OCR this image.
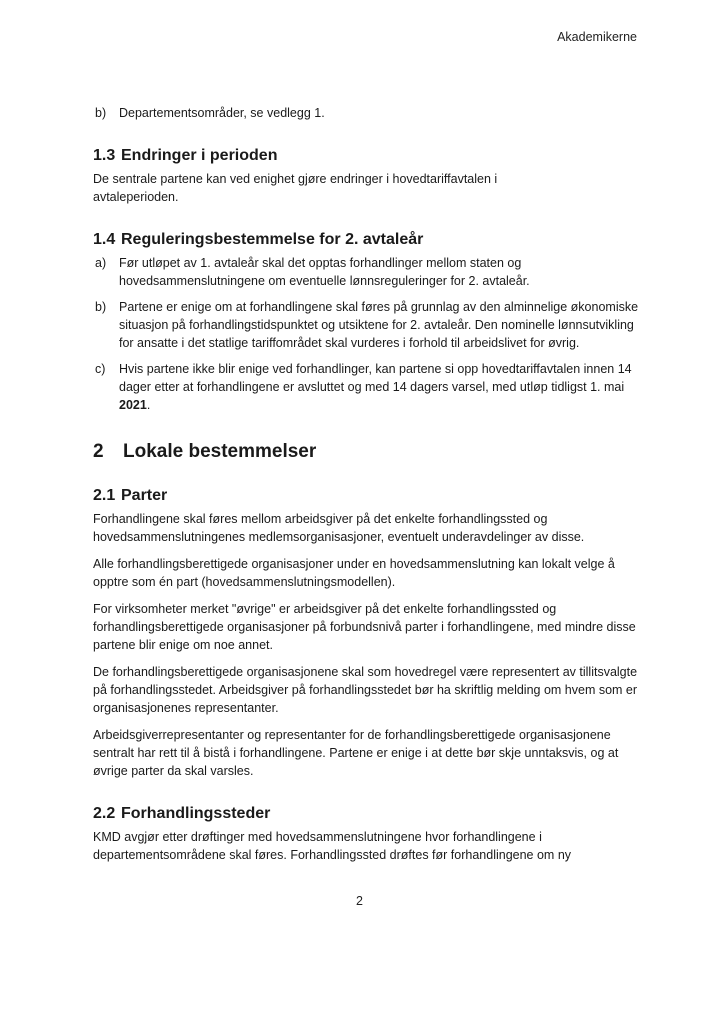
Akademikerne
b) Departementsområder, se vedlegg 1.
1.3 Endringer i perioden

De sentrale partene kan ved enighet gjøre endringer i hovedtariffavtalen i avtaleperioden.

1.4 Reguleringsbestemmelse for 2. avtaleår
a) Før utløpet av 1. avtaleår skal det opptas forhandlinger mellom staten og hovedsammenslutningene om eventuelle lønnsreguleringer for 2. avtaleår.
b) Partene er enige om at forhandlingene skal føres på grunnlag av den alminnelige økonomiske situasjon på forhandlingstidspunktet og utsiktene for 2. avtaleår. Den nominelle lønnsutvikling for ansatte i det statlige tariffområdet skal vurderes i forhold til arbeidslivet for øvrig.
c) Hvis partene ikke blir enige ved forhandlinger, kan partene si opp hovedtariffavtalen innen 14 dager etter at forhandlingene er avsluttet og med 14 dagers varsel, med utløp tidligst 1. mai 2021.
2 Lokale bestemmelser
2.1 Parter

Forhandlingene skal føres mellom arbeidsgiver på det enkelte forhandlingssted og hovedsammenslutningenes medlemsorganisasjoner, eventuelt underavdelinger av disse.

Alle forhandlingsberettigede organisasjoner under en hovedsammenslutning kan lokalt velge å opptre som én part (hovedsammenslutningsmodellen).

For virksomheter merket "øvrige" er arbeidsgiver på det enkelte forhandlingssted og forhandlingsberettigede organisasjoner på forbundsnivå parter i forhandlingene, med mindre disse partene blir enige om noe annet.

De forhandlingsberettigede organisasjonene skal som hovedregel være representert av tillitsvalgte på forhandlingsstedet. Arbeidsgiver på forhandlingsstedet bør ha skriftlig melding om hvem som er organisasjonenes representanter.

Arbeidsgiverrepresentanter og representanter for de forhandlingsberettigede organisasjonene sentralt har rett til å bistå i forhandlingene. Partene er enige i at dette bør skje unntaksvis, og at øvrige parter da skal varsles.

2.2 Forhandlingssteder

KMD avgjør etter drøftinger med hovedsammenslutningene hvor forhandlingene i departementsområdene skal føres. Forhandlingssted drøftes før forhandlingene om ny

2
